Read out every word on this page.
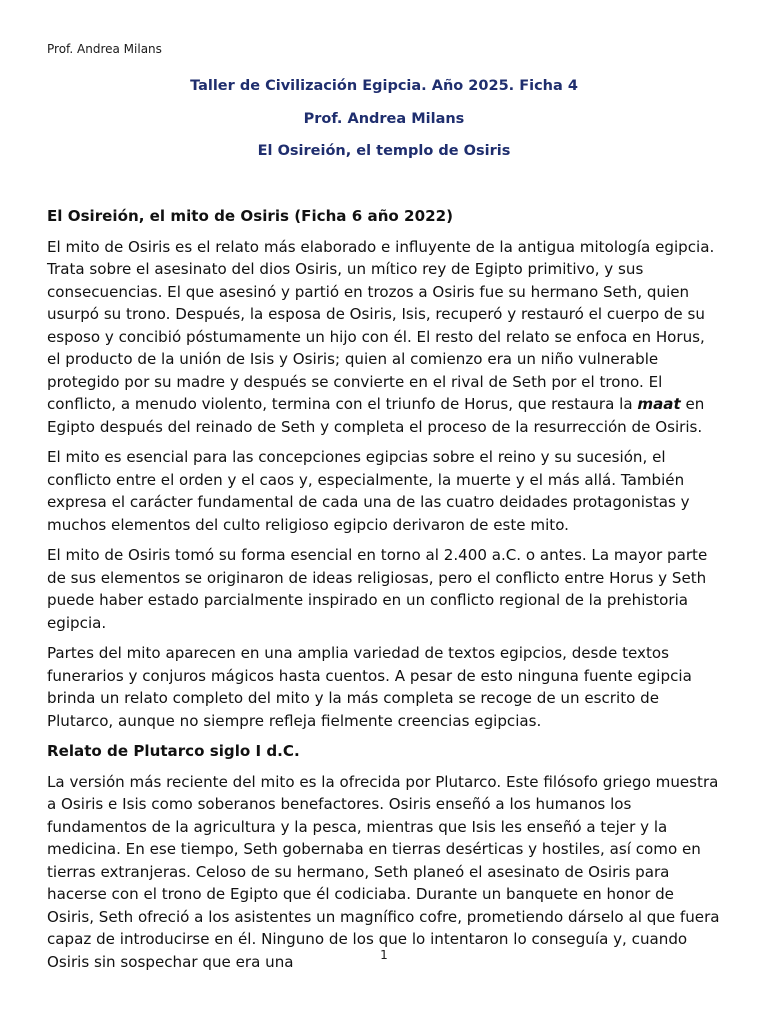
Prof. Andrea Milans
Taller de Civilización Egipcia. Año 2025. Ficha 4
Prof. Andrea Milans
El Osireión, el templo de Osiris
El Osireión, el mito de Osiris (Ficha 6 año 2022)

El mito de Osiris es el relato más elaborado e influyente de la antigua mitología egipcia. Trata sobre el asesinato del dios Osiris, un mítico rey de Egipto primitivo, y sus consecuencias. El que asesinó y partió en trozos a Osiris fue su hermano Seth, quien usurpó su trono. Después, la esposa de Osiris, Isis, recuperó y restauró el cuerpo de su esposo y concibió póstumamente un hijo con él. El resto del relato se enfoca en Horus, el producto de la unión de Isis y Osiris; quien al comienzo era un niño vulnerable protegido por su madre y después se convierte en el rival de Seth por el trono. El conflicto, a menudo violento, termina con el triunfo de Horus, que restaura la maat en Egipto después del reinado de Seth y completa el proceso de la resurrección de Osiris.

El mito es esencial para las concepciones egipcias sobre el reino y su sucesión, el conflicto entre el orden y el caos y, especialmente, la muerte y el más allá. También expresa el carácter fundamental de cada una de las cuatro deidades protagonistas y muchos elementos del culto religioso egipcio derivaron de este mito.

El mito de Osiris tomó su forma esencial en torno al 2.400 a.C. o antes. La mayor parte de sus elementos se originaron de ideas religiosas, pero el conflicto entre Horus y Seth puede haber estado parcialmente inspirado en un conflicto regional de la prehistoria egipcia.

Partes del mito aparecen en una amplia variedad de textos egipcios, desde textos funerarios y conjuros mágicos hasta cuentos. A pesar de esto ninguna fuente egipcia brinda un relato completo del mito y la más completa se recoge de un escrito de Plutarco, aunque no siempre refleja fielmente creencias egipcias.

Relato de Plutarco siglo I d.C.

La versión más reciente del mito es la ofrecida por Plutarco. Este filósofo griego muestra a Osiris e Isis como soberanos benefactores. Osiris enseñó a los humanos los fundamentos de la agricultura y la pesca, mientras que Isis les enseñó a tejer y la medicina. En ese tiempo, Seth gobernaba en tierras desérticas y hostiles, así como en tierras extranjeras. Celoso de su hermano, Seth planeó el asesinato de Osiris para hacerse con el trono de Egipto que él codiciaba. Durante un banquete en honor de Osiris, Seth ofreció a los asistentes un magnífico cofre, prometiendo dárselo al que fuera capaz de introducirse en él. Ninguno de los que lo intentaron lo conseguía y, cuando Osiris sin sospechar que era una	1
